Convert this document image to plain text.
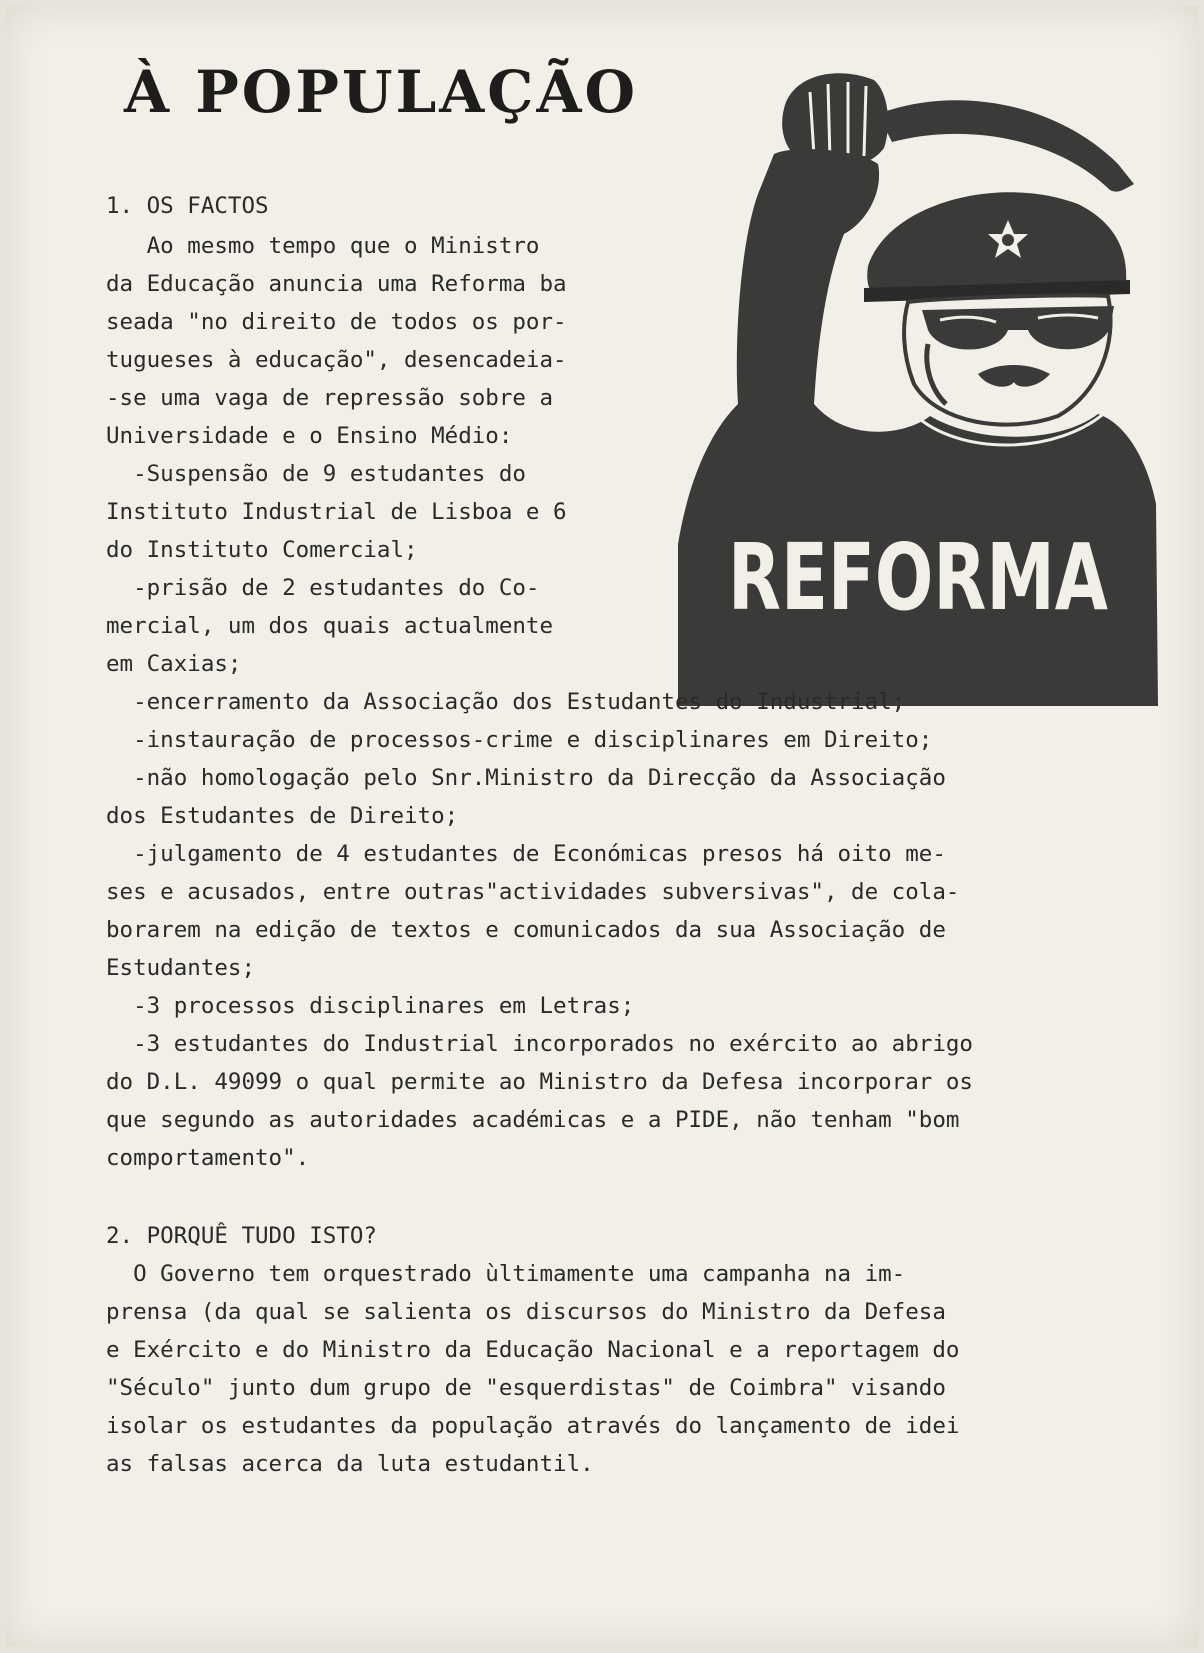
À POPULAÇÃO
REFORMA

1. OS FACTOS

Ao mesmo tempo que o Ministro

da Educação anuncia uma Reforma ba

seada "no direito de todos os por-

tugueses à educação", desencadeia-

-se uma vaga de repressão sobre a

Universidade e o Ensino Médio:

-Suspensão de 9 estudantes do

Instituto Industrial de Lisboa e 6

do Instituto Comercial;

-prisão de 2 estudantes do Co-

mercial, um dos quais actualmente

em Caxias;

-encerramento da Associação dos Estudantes do Industrial;

-instauração de processos-crime e disciplinares em Direito;

-não homologação pelo Snr.Ministro da Direcção da Associação

dos Estudantes de Direito;

-julgamento de 4 estudantes de Económicas presos há oito me-

ses e acusados, entre outras"actividades subversivas", de cola-

borarem na edição de textos e comunicados da sua Associação de

Estudantes;

-3 processos disciplinares em Letras;

-3 estudantes do Industrial incorporados no exército ao abrigo

do D.L. 49099 o qual permite ao Ministro da Defesa incorporar os

que segundo as autoridades académicas e a PIDE, não tenham "bom

comportamento".

2. PORQUÊ TUDO ISTO?

O Governo tem orquestrado ùltimamente uma campanha na im-

prensa (da qual se salienta os discursos do Ministro da Defesa

e Exército e do Ministro da Educação Nacional e a reportagem do

"Século" junto dum grupo de "esquerdistas" de Coimbra" visando

isolar os estudantes da população através do lançamento de idei

as falsas acerca da luta estudantil.
